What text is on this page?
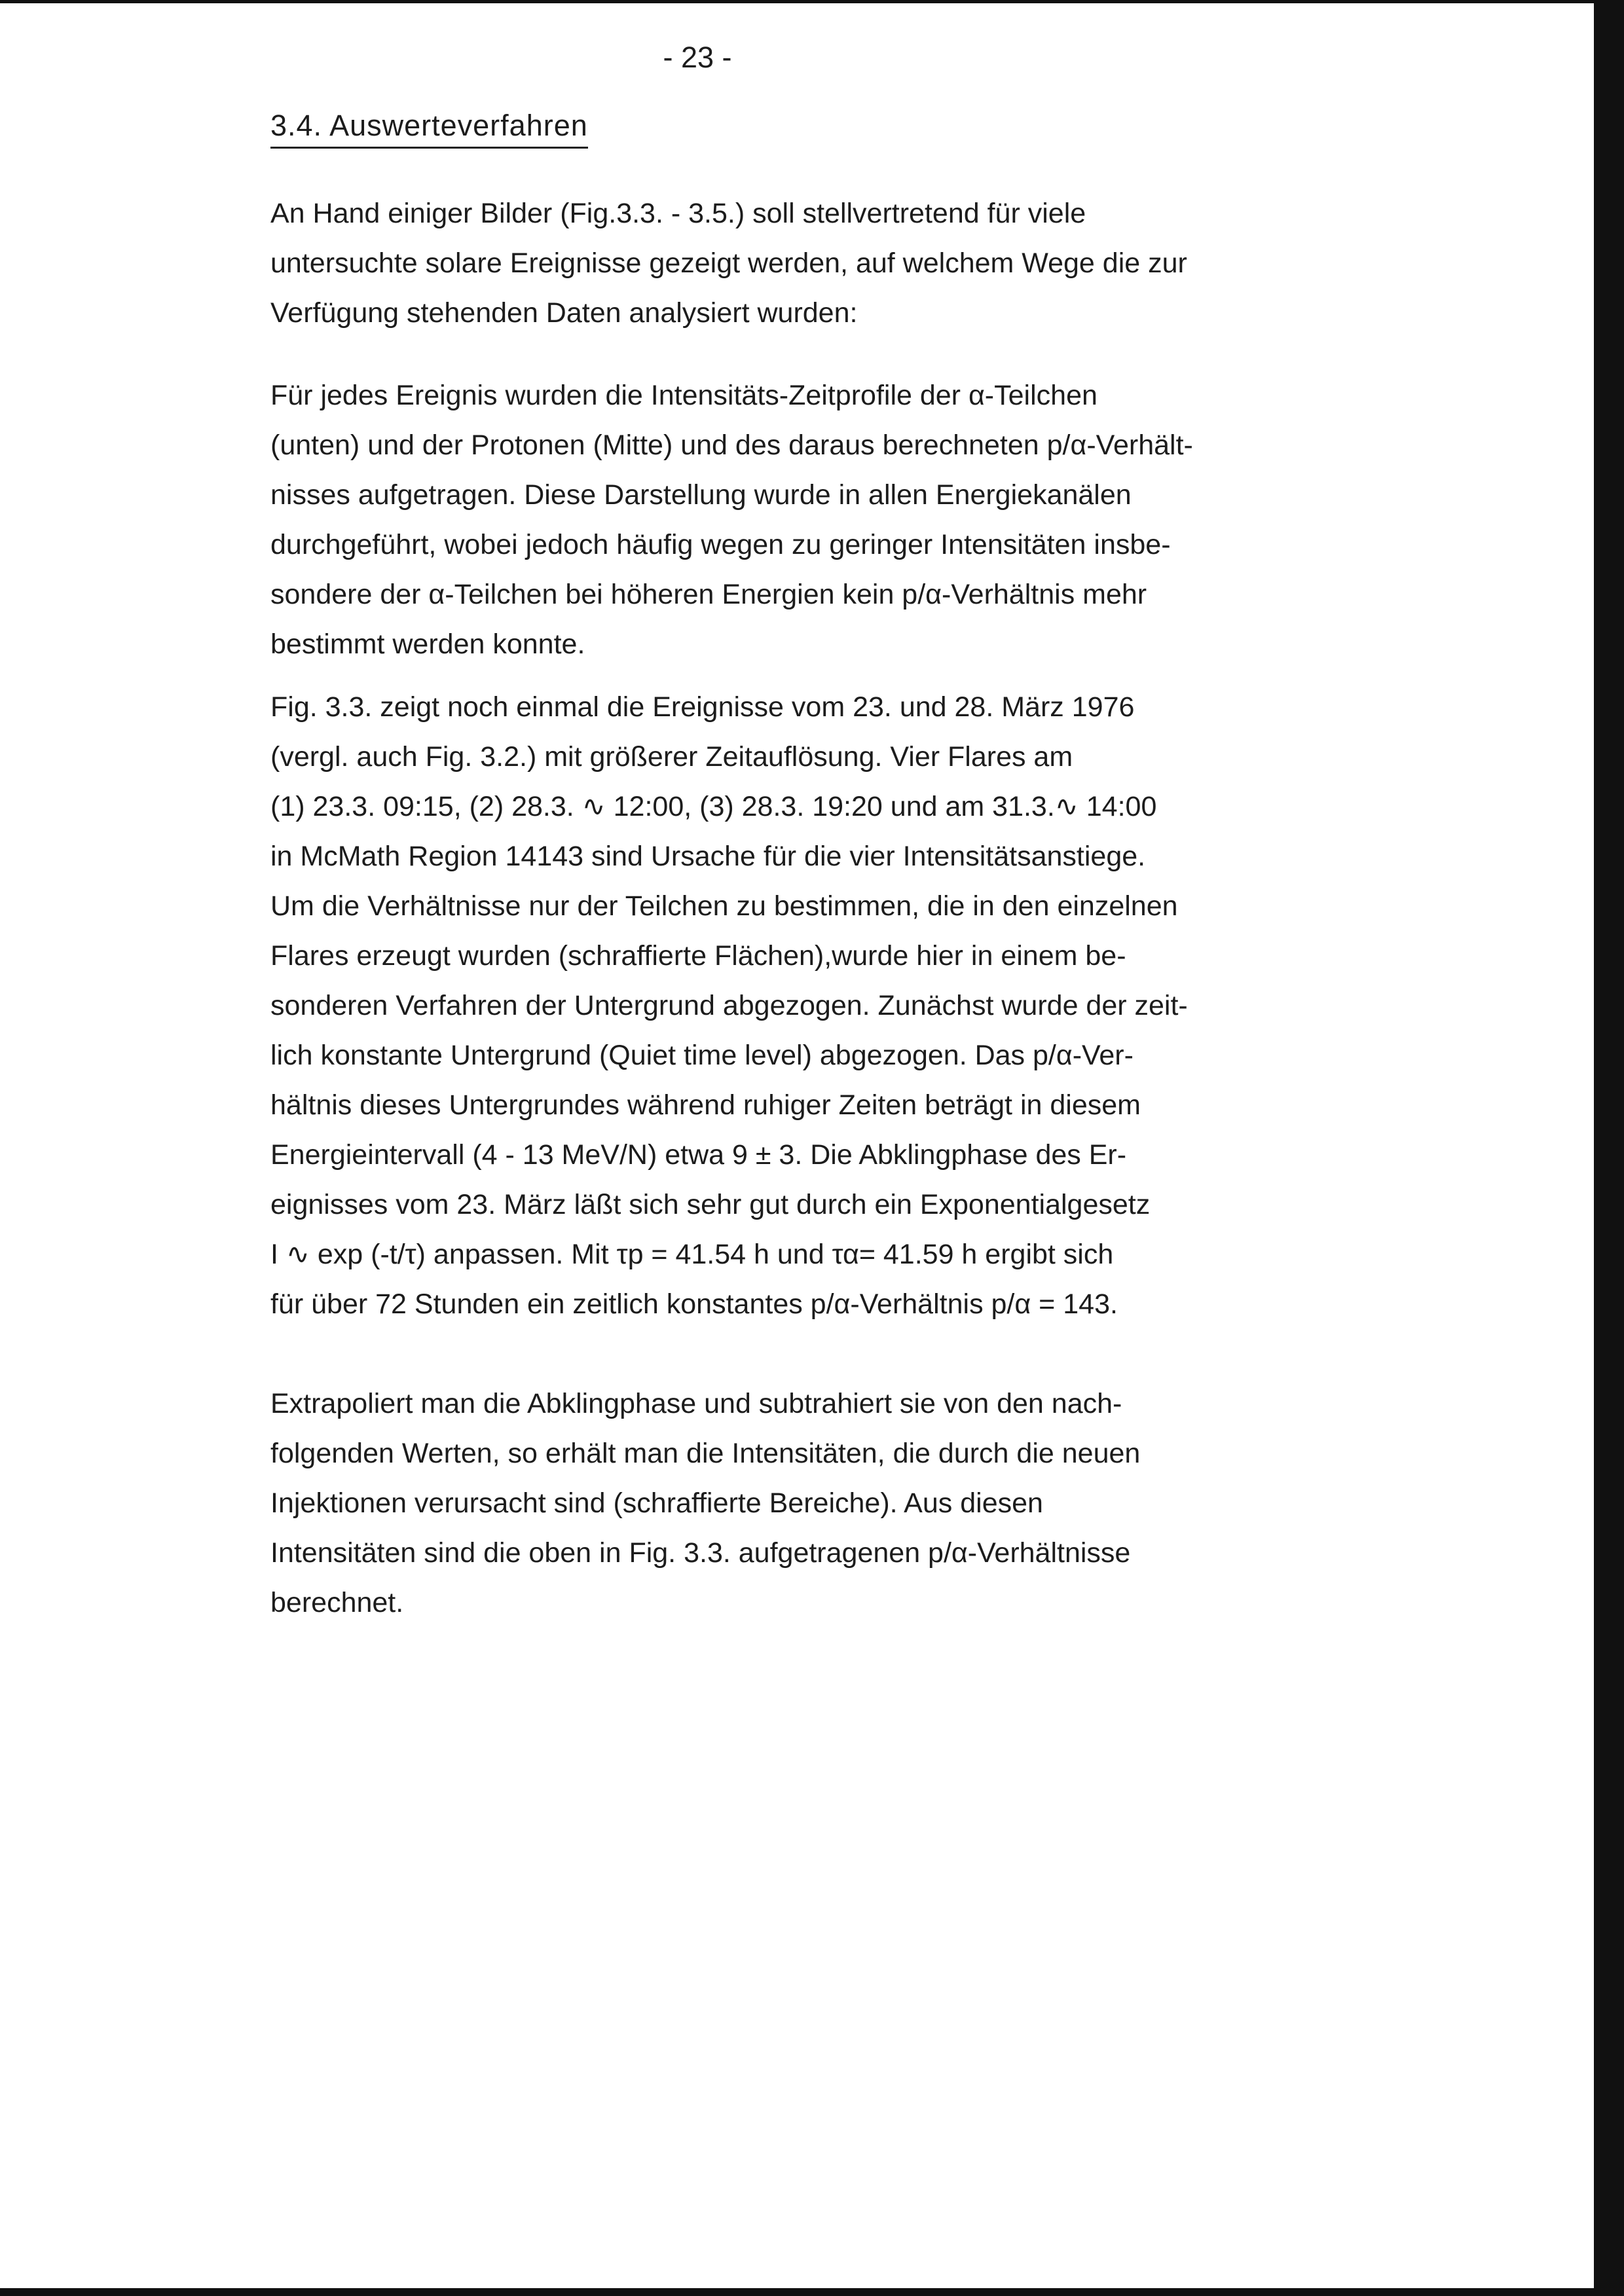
- 23 -
3.4. Auswerteverfahren

An Hand einiger Bilder (Fig.3.3. - 3.5.) soll stellvertretend für viele
untersuchte solare Ereignisse gezeigt werden, auf welchem Wege die zur
Verfügung stehenden Daten analysiert wurden:

Für jedes Ereignis wurden die Intensitäts-Zeitprofile der α-Teilchen
(unten) und der Protonen (Mitte) und des daraus berechneten p/α-Verhält-
nisses aufgetragen. Diese Darstellung wurde in allen Energiekanälen
durchgeführt, wobei jedoch häufig wegen zu geringer Intensitäten insbe-
sondere der α-Teilchen bei höheren Energien kein p/α-Verhältnis mehr
bestimmt werden konnte.

Fig. 3.3. zeigt noch einmal die Ereignisse vom 23. und 28. März 1976
(vergl. auch Fig. 3.2.) mit größerer Zeitauflösung. Vier Flares am
(1) 23.3. 09:15, (2) 28.3. ∿ 12:00, (3) 28.3. 19:20 und am 31.3.∿ 14:00
in McMath Region 14143 sind Ursache für die vier Intensitätsanstiege.
Um die Verhältnisse nur der Teilchen zu bestimmen, die in den einzelnen
Flares erzeugt wurden (schraffierte Flächen),wurde hier in einem be-
sonderen Verfahren der Untergrund abgezogen. Zunächst wurde der zeit-
lich konstante Untergrund (Quiet time level) abgezogen. Das p/α-Ver-
hältnis dieses Untergrundes während ruhiger Zeiten beträgt in diesem
Energieintervall (4 - 13 MeV/N) etwa 9 ± 3. Die Abklingphase des Er-
eignisses vom 23. März läßt sich sehr gut durch ein Exponentialgesetz
I ∿ exp (-t/τ) anpassen. Mit τp = 41.54 h und τα= 41.59 h ergibt sich
für über 72 Stunden ein zeitlich konstantes p/α-Verhältnis p/α = 143.

Extrapoliert man die Abklingphase und subtrahiert sie von den nach-
folgenden Werten, so erhält man die Intensitäten, die durch die neuen
Injektionen verursacht sind (schraffierte Bereiche). Aus diesen
Intensitäten sind die oben in Fig. 3.3. aufgetragenen p/α-Verhältnisse
berechnet.
